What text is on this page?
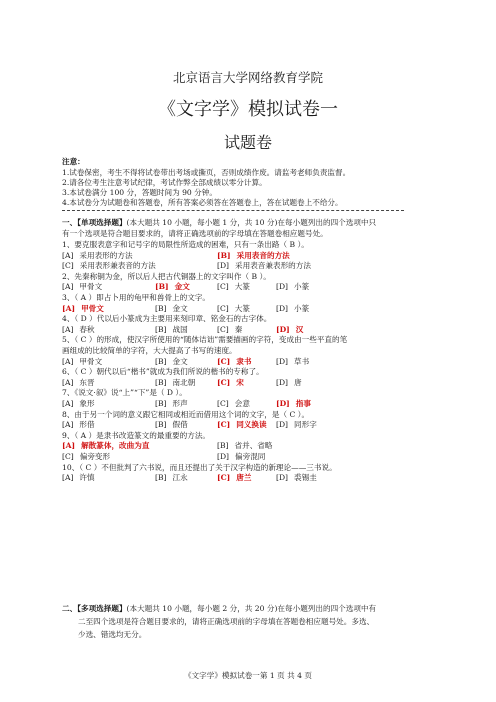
北京语言大学网络教育学院
《文字学》模拟试卷一
试题卷
注意：
1.试卷保密，考生不得将试卷带出考场或撕页，否则成绩作废。请监考老师负责监督。
2.请各位考生注意考试纪律，考试作弊全部成绩以零分计算。
3.本试卷满分 100 分，答题时间为 90 分钟。
4.本试卷分为试题卷和答题卷，所有答案必须答在答题卷上，答在试题卷上不给分。
一、【单项选择题】(本大题共 10 小题，每小题 1 分，共 10 分)在每小题列出的四个选项中只
有一个选项是符合题目要求的，请将正确选项前的字母填在答题卷相应题号处。
1、要克服表意字和记号字的局限性所造成的困难，只有一条出路（ B ）。
[A] 采用表形的方法	[B] 采用表音的方法
[C] 采用表形兼表音的方法	[D] 采用表音兼表形的方法
2、先秦称铜为金，所以后人把古代铜器上的文字叫作（ B ）。
[A] 甲骨文	[B] 金文	[C] 大篆	[D] 小篆
3、（ A ）即占卜用的龟甲和兽骨上的文字。
[A] 甲骨文	[B] 金文	[C] 大篆	[D] 小篆
4、（ D ）代以后小篆成为主要用来刻印章、铭金石的古字体。
[A] 春秋	[B] 战国	[C] 秦	[D] 汉
5、（ C ）的形成，使汉字所使用的“随体诘诎”需要描画的字符，变成由一些平直的笔
画组成的比较简单的字符，大大提高了书写的速度。
[A] 甲骨文	[B] 金文	[C] 隶书	[D] 草书
6、（ C ）朝代以后“楷书”就成为我们所说的楷书的专称了。
[A] 东晋	[B] 南北朝	[C] 宋	[D] 唐
7、《说文·叙》说“上”“下”是（ D ）。
[A] 象形	[B] 形声	[C] 会意	[D] 指事
8、由于另一个词的意义跟它相同或相近而借用这个词的文字，是（ C ）。
[A] 形借	[B] 假借	[C] 同义换读 [D] 同形字
9、（ A ）是隶书改造篆文的最重要的方法。
[A] 解散篆体，改曲为直	[B] 省并、省略
[C] 偏旁变形	[D] 偏旁混同
10、（ C ）不但批判了六书说，而且还提出了关于汉字构造的新理论——三书说。
[A] 许慎	[B] 江永	[C] 唐兰	[D] 裘锡圭
二、【多项选择题】(本大题共 10 小题，每小题 2 分，共 20 分)在每小题列出的四个选项中有
二至四个选项是符合题目要求的，请将正确选项前的字母填在答题卷相应题号处。多选、
少选、错选均无分。
《文字学》模拟试卷一第 1 页 共 4 页
